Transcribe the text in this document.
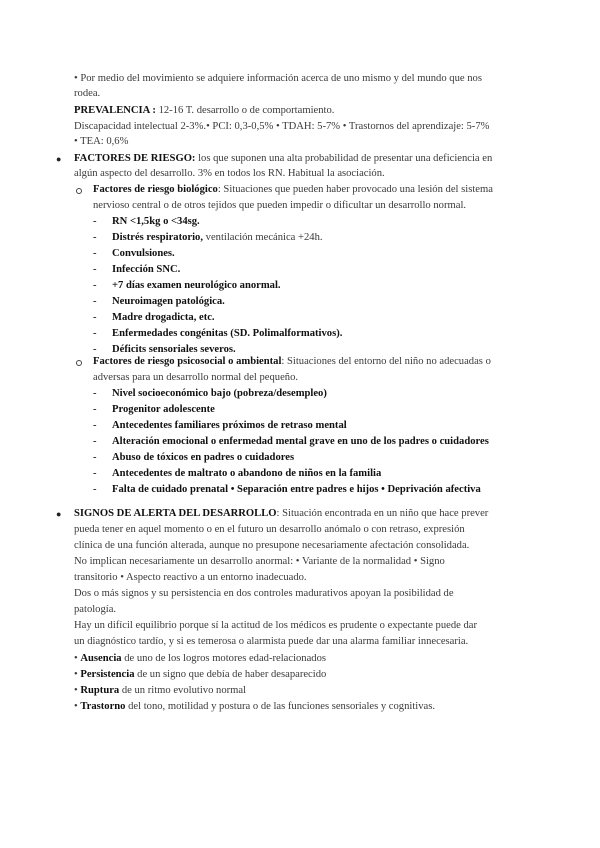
• Por medio del movimiento se adquiere información acerca de uno mismo y del mundo que nos
rodea.
PREVALENCIA : 12-16 T. desarrollo o de comportamiento.
Discapacidad intelectual 2-3%.• PCI: 0,3-0,5% • TDAH: 5-7% • Trastornos del aprendizaje: 5-7%
• TEA: 0,6%
● FACTORES DE RIESGO: los que suponen una alta probabilidad de presentar una deficiencia en
algún aspecto del desarrollo. 3% en todos los RN. Habitual la asociación.
Factores de riesgo biológico: Situaciones que pueden haber provocado una lesión del sistema
nervioso central o de otros tejidos que pueden impedir o dificultar un desarrollo normal.
- RN <1,5kg o <34sg.
- Distrés respiratorio, ventilación mecánica +24h.
- Convulsiones.
- Infección SNC.
- +7 días examen neurológico anormal.
- Neuroimagen patológica.
- Madre drogadicta, etc.
- Enfermedades congénitas (SD. Polimalformativos).
- Déficits sensoriales severos.
Factores de riesgo psicosocial o ambiental: Situaciones del entorno del niño no adecuadas o
adversas para un desarrollo normal del pequeño.
- Nivel socioeconómico bajo (pobreza/desempleo)
- Progenitor adolescente
- Antecedentes familiares próximos de retraso mental
- Alteración emocional o enfermedad mental grave en uno de los padres o cuidadores
- Abuso de tóxicos en padres o cuidadores
- Antecedentes de maltrato o abandono de niños en la familia
- Falta de cuidado prenatal • Separación entre padres e hijos • Deprivación afectiva
● SIGNOS DE ALERTA DEL DESARROLLO: Situación encontrada en un niño que hace prever
pueda tener en aquel momento o en el futuro un desarrollo anómalo o con retraso, expresión
clínica de una función alterada, aunque no presupone necesariamente afectación consolidada.
No implican necesariamente un desarrollo anormal: • Variante de la normalidad • Signo
transitorio • Aspecto reactivo a un entorno inadecuado.
Dos o más signos y su persistencia en dos controles madurativos apoyan la posibilidad de
patología.
Hay un difícil equilibrio porque sí la actitud de los médicos es prudente o expectante puede dar
un diagnóstico tardío, y si es temerosa o alarmista puede dar una alarma familiar innecesaria.
• Ausencia de uno de los logros motores edad-relacionados
• Persistencia de un signo que debía de haber desaparecido
• Ruptura de un ritmo evolutivo normal
• Trastorno del tono, motilidad y postura o de las funciones sensoriales y cognitivas.
